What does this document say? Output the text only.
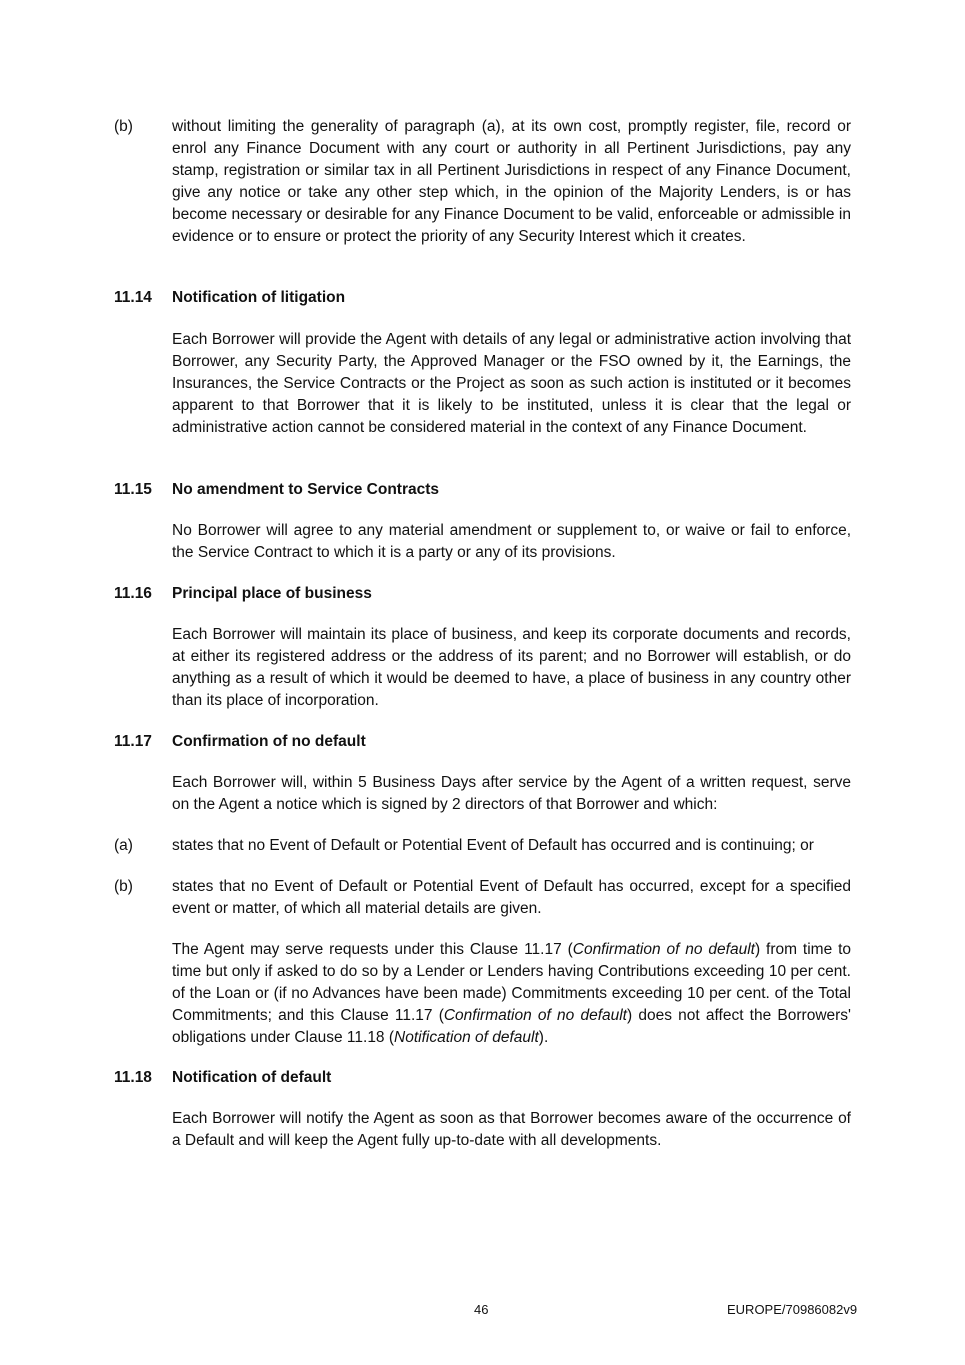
(b)	without limiting the generality of paragraph (a), at its own cost, promptly register, file, record or enrol any Finance Document with any court or authority in all Pertinent Jurisdictions, pay any stamp, registration or similar tax in all Pertinent Jurisdictions in respect of any Finance Document, give any notice or take any other step which, in the opinion of the Majority Lenders, is or has become necessary or desirable for any Finance Document to be valid, enforceable or admissible in evidence or to ensure or protect the priority of any Security Interest which it creates.
11.14 Notification of litigation
Each Borrower will provide the Agent with details of any legal or administrative action involving that Borrower, any Security Party, the Approved Manager or the FSO owned by it, the Earnings, the Insurances, the Service Contracts or the Project as soon as such action is instituted or it becomes apparent to that Borrower that it is likely to be instituted, unless it is clear that the legal or administrative action cannot be considered material in the context of any Finance Document.
11.15 No amendment to Service Contracts
No Borrower will agree to any material amendment or supplement to, or waive or fail to enforce, the Service Contract to which it is a party or any of its provisions.
11.16 Principal place of business
Each Borrower will maintain its place of business, and keep its corporate documents and records, at either its registered address or the address of its parent; and no Borrower will establish, or do anything as a result of which it would be deemed to have, a place of business in any country other than its place of incorporation.
11.17 Confirmation of no default
Each Borrower will, within 5 Business Days after service by the Agent of a written request, serve on the Agent a notice which is signed by 2 directors of that Borrower and which:
(a)	states that no Event of Default or Potential Event of Default has occurred and is continuing; or
(b)	states that no Event of Default or Potential Event of Default has occurred, except for a specified event or matter, of which all material details are given.
The Agent may serve requests under this Clause 11.17 (Confirmation of no default) from time to time but only if asked to do so by a Lender or Lenders having Contributions exceeding 10 per cent. of the Loan or (if no Advances have been made) Commitments exceeding 10 per cent. of the Total Commitments; and this Clause 11.17 (Confirmation of no default) does not affect the Borrowers' obligations under Clause 11.18 (Notification of default).
11.18 Notification of default
Each Borrower will notify the Agent as soon as that Borrower becomes aware of the occurrence of a Default and will keep the Agent fully up-to-date with all developments.
46	EUROPE/70986082v9
